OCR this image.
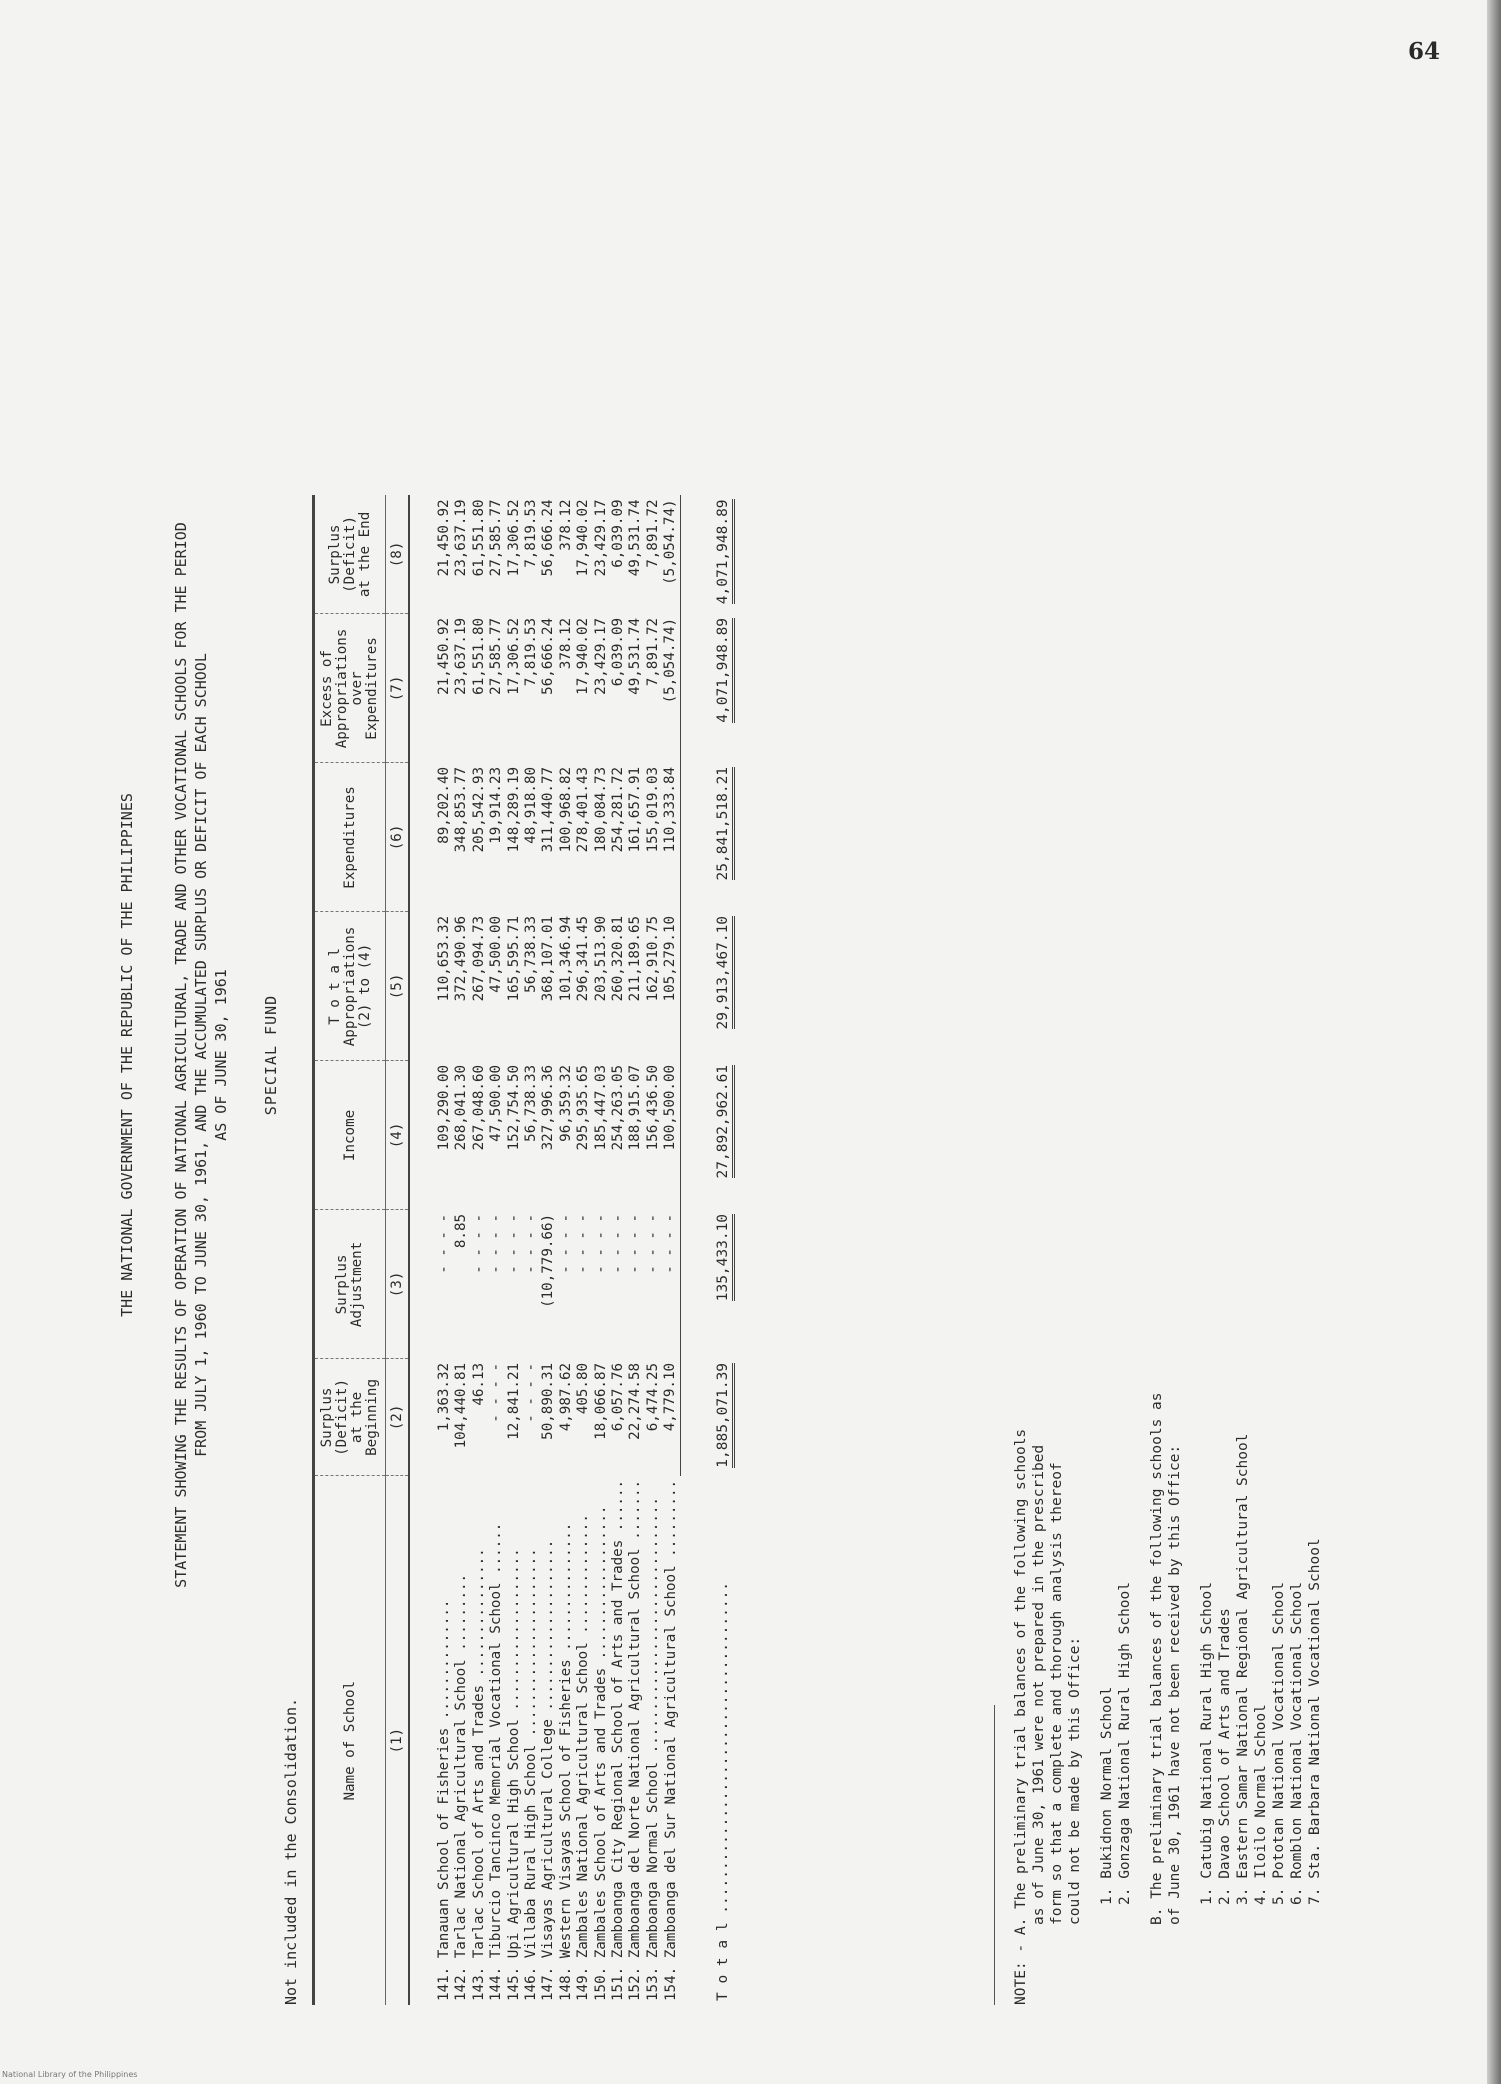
64
THE NATIONAL GOVERNMENT OF THE REPUBLIC OF THE PHILIPPINES STATEMENT SHOWING THE RESULTS OF OPERATION OF NATIONAL AGRICULTURAL, TRADE AND OTHER VOCATIONAL SCHOOLS FOR THE PERIOD FROM JULY 1, 1960 TO JUNE 30, 1961, AND THE ACCUMULATED SURPLUS OR DEFICIT OF EACH SCHOOL AS OF JUNE 30, 1961 SPECIAL FUND
Not included in the Consolidation.	Name of School	Surplus
(Deficit)
at the
Beginning	Surplus
Adjustment	Income	T o t a l
Appropriations
(2) to (4)	Expenditures	Excess of
Appropriations
over
Expenditures	Surplus
(Deficit)
at the End
(1)	(2)	(3)	(4)	(5)	(6)	(7)	(8)

141. Tanauan School of Fisheries ..............	1,363.32	- - - -	109,290.00	110,653.32	89,202.40	21,450.92	21,450.92
142. Tarlac National Agricultural School .........	104,440.81	8.85	268,041.30	372,490.96	348,853.77	23,637.19	23,637.19
143. Tarlac School of Arts and Trades ...............	46.13	- - - -	267,048.60	267,094.73	205,542.93	61,551.80	61,551.80
144. Tiburcio Tancinco Memorial Vocational School ......	- - - -	- - - -	47,500.00	47,500.00	19,914.23	27,585.77	27,585.77
145. Upi Agricultural High School ...................	12,841.21	- - - -	152,754.50	165,595.71	148,289.19	17,306.52	17,306.52
146. Villaba Rural High School ......................	- - - -	- - - -	56,738.33	56,738.33	48,918.80	7,819.53	7,819.53
147. Visayas Agricultural College ....................	50,890.31	(10,779.66)	327,996.36	368,107.01	311,440.77	56,666.24	56,666.24
148. Western Visayas School of Fisheries ...............	4,987.62	- - - -	96,359.32	101,346.94	100,968.82	378.12	378.12
149. Zambales National Agricultural School ..............	405.80	- - - -	295,935.65	296,341.45	278,401.43	17,940.02	17,940.02
150. Zambales School of Arts and Trades ..................	18,066.87	- - - -	185,447.03	203,513.90	180,084.73	23,429.17	23,429.17
151. Zamboanga City Regional School of Arts and Trades ......	6,057.76	- - - -	254,263.05	260,320.81	254,281.72	6,039.09	6,039.09
152. Zamboanga del Norte National Agricultural School .......	22,274.58	- - - -	188,915.07	211,189.65	161,657.91	49,531.74	49,531.74
153. Zamboanga Normal School ..............................	6,474.25	- - - -	156,436.50	162,910.75	155,019.03	7,891.72	7,891.72
154. Zamboanga del Sur National Agricultural School .........	4,779.10	- - - -	100,500.00	105,279.10	110,333.84	(5,054.74)	(5,054.74)

T o t a l ......................................	1,885,071.39	135,433.10	27,892,962.61	29,913,467.10	25,841,518.21	4,071,948.89	4,071,948.89
NOTE: - A. The preliminary trial balances of the following schools as of June 30, 1961 were not prepared in the prescribed form so that a complete and thorough analysis thereof could not be made by this Office: 1. Bukidnon Normal School 2. Gonzaga National Rural High School B. The preliminary trial balances of the following schools as of June 30, 1961 have not been received by this Office: 1. Catubig National Rural High School 2. Davao School of Arts and Trades 3. Eastern Samar National Regional Agricultural School 4. Iloilo Normal School 5. Pototan National Vocational School 6. Romblon National Vocational School 7. Sta. Barbara National Vocational School
National Library of the Philippines
